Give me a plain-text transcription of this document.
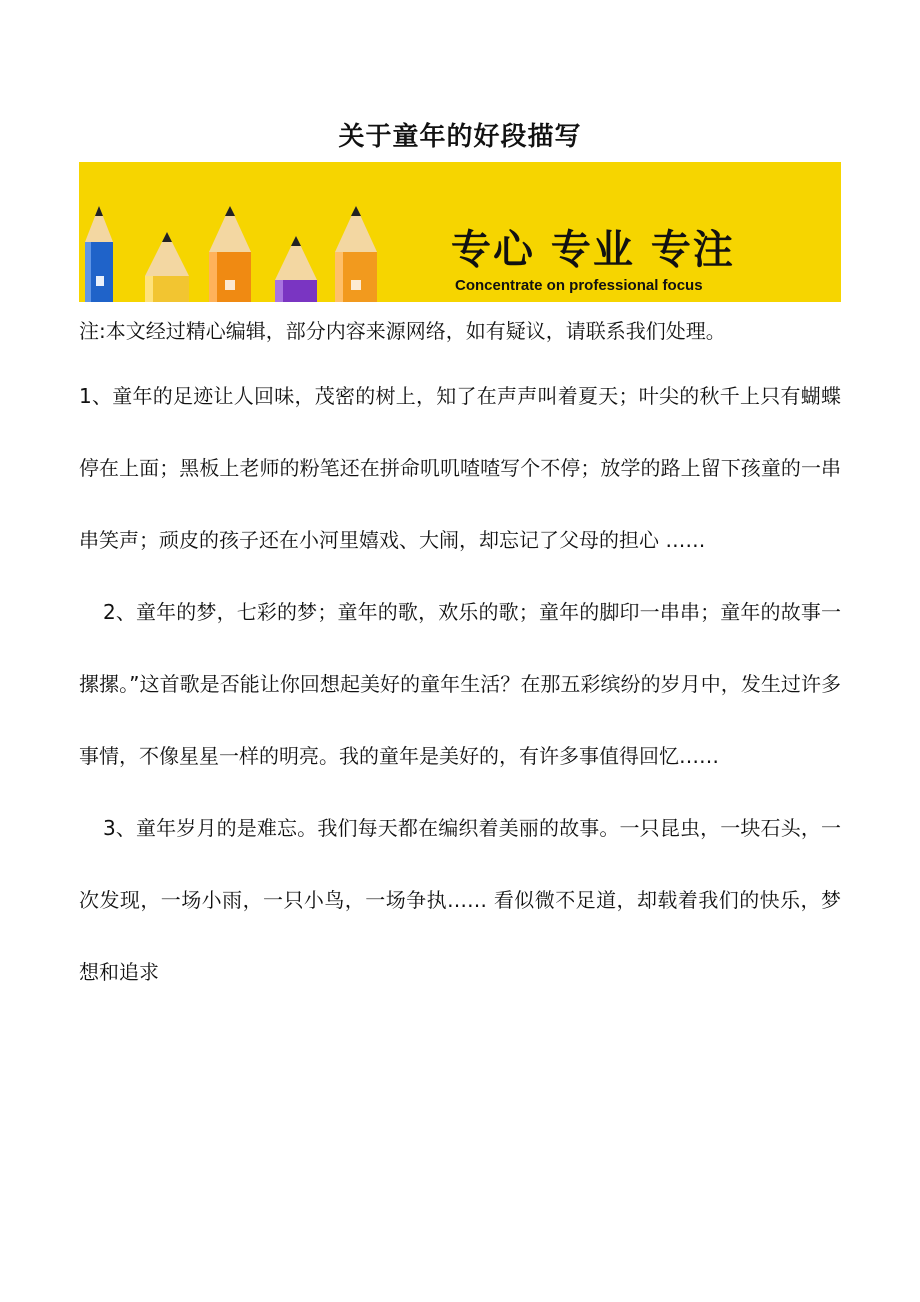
关于童年的好段描写
专心 专业 专注
Concentrate on professional focus
注:本文经过精心编辑，部分内容来源网络，如有疑议，请联系我们处理。

1、童年的足迹让人回味，茂密的树上，知了在声声叫着夏天；叶尖的秋千上只有蝴蝶停在上面；黑板上老师的粉笔还在拼命叽叽喳喳写个不停；放学的路上留下孩童的一串串笑声；顽皮的孩子还在小河里嬉戏、大闹，却忘记了父母的担心 ……

2、童年的梦，七彩的梦；童年的歌，欢乐的歌；童年的脚印一串串；童年的故事一摞摞。”这首歌是否能让你回想起美好的童年生活？在那五彩缤纷的岁月中，发生过许多事情，不像星星一样的明亮。我的童年是美好的，有许多事值得回忆……

3、童年岁月的是难忘。我们每天都在编织着美丽的故事。一只昆虫，一块石头，一次发现，一场小雨，一只小鸟，一场争执…… 看似微不足道，却载着我们的快乐，梦想和追求
